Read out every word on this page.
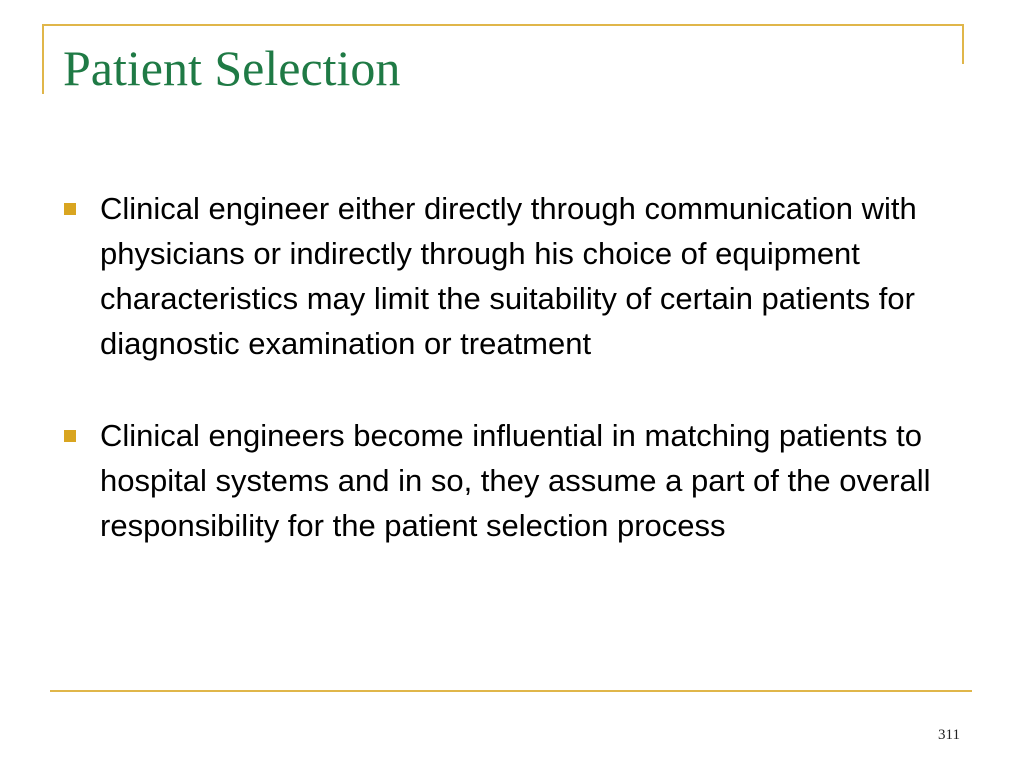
Patient Selection
Clinical engineer either directly through communication with physicians or indirectly through his choice of equipment characteristics may limit the suitability of certain patients for diagnostic examination or treatment
Clinical engineers become influential in matching patients to hospital systems and in so, they assume a part of the overall responsibility for the patient selection process
311
